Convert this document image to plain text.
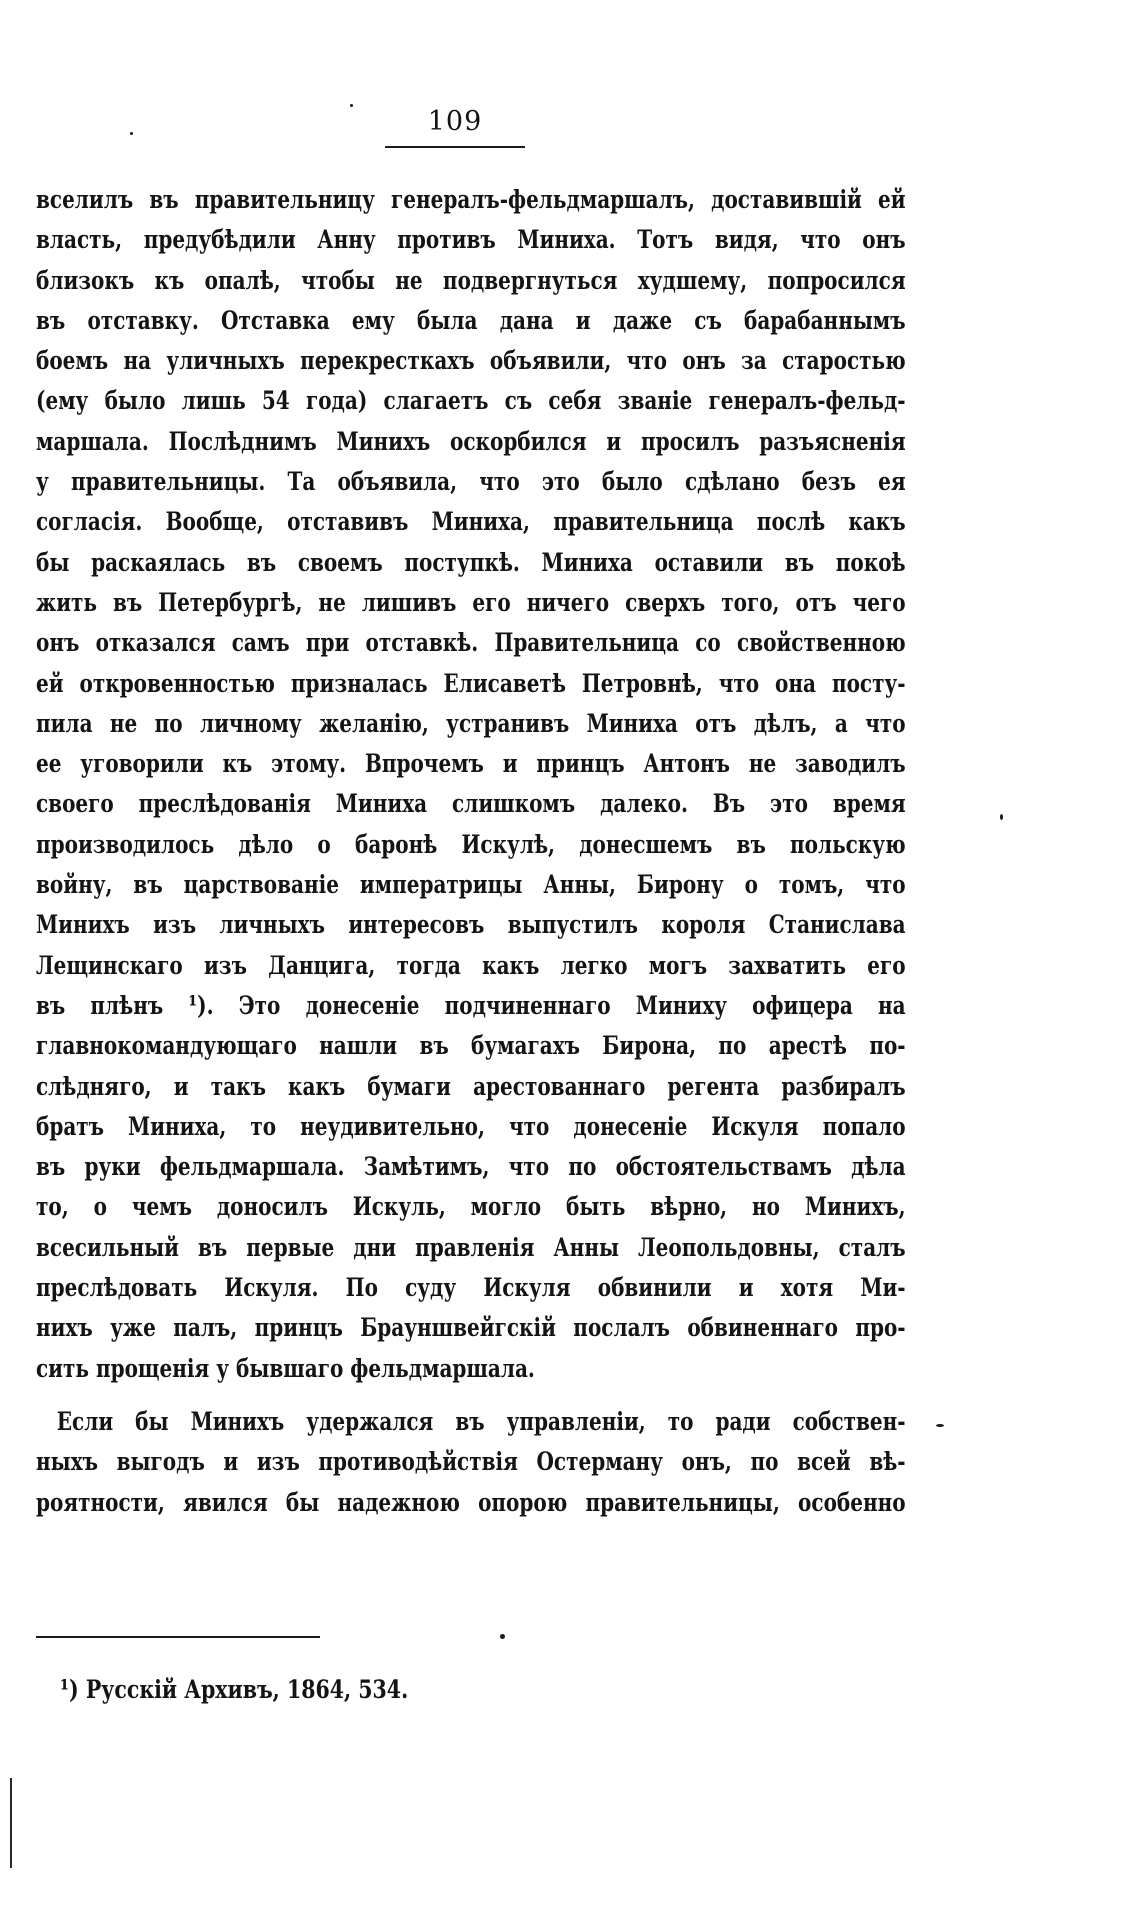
109
вселилъ въ правительницу генералъ-фельдмаршалъ, доставившiй ей
власть, предубѣдили Анну противъ Миниха. Тотъ видя, что онъ
близокъ къ опалѣ, чтобы не подвергнуться худшему, попросился
въ отставку. Отставка ему была дана и даже съ барабаннымъ
боемъ на уличныхъ перекресткахъ объявили, что онъ за старостью
(ему было лишь 54 года) слагаетъ съ себя званiе генералъ-фельд-
маршала. Послѣднимъ Минихъ оскорбился и просилъ разъясненiя
у правительницы. Та объявила, что это было сдѣлано безъ ея
согласiя. Вообще, отставивъ Миниха, правительница послѣ какъ
бы раскаялась въ своемъ поступкѣ. Миниха оставили въ покоѣ
жить въ Петербургѣ, не лишивъ его ничего сверхъ того, отъ чего
онъ отказался самъ при отставкѣ. Правительница со свойственною
ей откровенностью призналась Елисаветѣ Петровнѣ, что она посту-
пила не по личному желанiю, устранивъ Миниха отъ дѣлъ, а что
ее уговорили къ этому. Впрочемъ и принцъ Антонъ не заводилъ
своего преслѣдованiя Миниха слишкомъ далеко. Въ это время
производилось дѣло о баронѣ Искулѣ, донесшемъ въ польскую
войну, въ царствованiе императрицы Анны, Бирону о томъ, что
Минихъ изъ личныхъ интересовъ выпустилъ короля Станислава
Лещинскаго изъ Данцига, тогда какъ легко могъ захватить его
въ плѣнъ ¹). Это донесенiе подчиненнаго Миниху офицера на
главнокомандующаго нашли въ бумагахъ Бирона, по арестѣ по-
слѣдняго, и такъ какъ бумаги арестованнаго регента разбиралъ
братъ Миниха, то неудивительно, что донесенiе Искуля попало
въ руки фельдмаршала. Замѣтимъ, что по обстоятельствамъ дѣла
то, о чемъ доносилъ Искуль, могло быть вѣрно, но Минихъ,
всесильный въ первые дни правленiя Анны Леопольдовны, сталъ
преслѣдовать Искуля. По суду Искуля обвинили и хотя Ми-
нихъ уже палъ, принцъ Брауншвейгскiй послалъ обвиненнаго про-
сить прощенiя у бывшаго фельдмаршала.
Если бы Минихъ удержался въ управленiи, то ради собствен-
ныхъ выгодъ и изъ противодѣйствiя Остерману онъ, по всей вѣ-
роятности, явился бы надежною опорою правительницы, особенно
¹) Русскiй Архивъ, 1864, 534.
